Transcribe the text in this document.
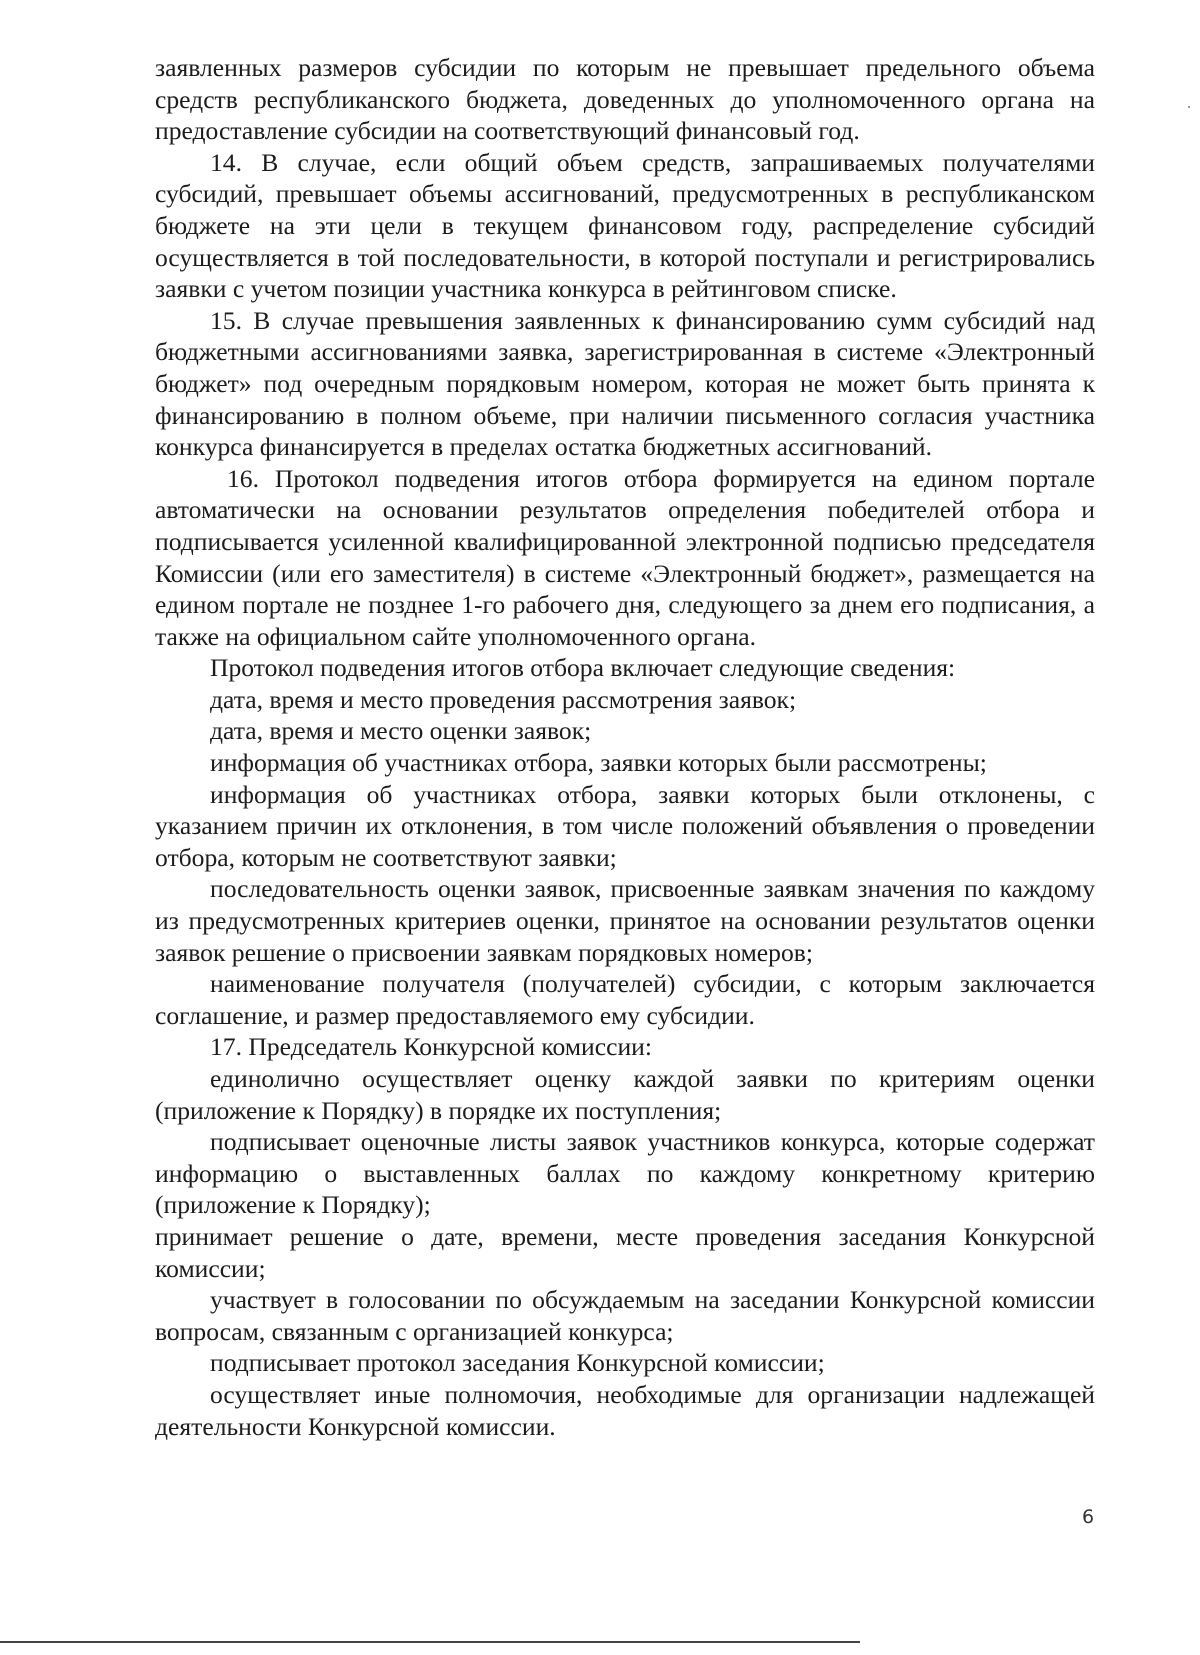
заявленных размеров субсидии по которым не превышает предельного объема средств республиканского бюджета, доведенных до уполномоченного органа на предоставление субсидии на соответствующий финансовый год.

14. В случае, если общий объем средств, запрашиваемых получателями субсидий, превышает объемы ассигнований, предусмотренных в республиканском бюджете на эти цели в текущем финансовом году, распределение субсидий осуществляется в той последовательности, в которой поступали и регистрировались заявки с учетом позиции участника конкурса в рейтинговом списке.

15. В случае превышения заявленных к финансированию сумм субсидий над бюджетными ассигнованиями заявка, зарегистрированная в системе «Электронный бюджет» под очередным порядковым номером, которая не может быть принята к финансированию в полном объеме, при наличии письменного согласия участника конкурса финансируется в пределах остатка бюджетных ассигнований.

16. Протокол подведения итогов отбора формируется на едином портале автоматически на основании результатов определения победителей отбора и подписывается усиленной квалифицированной электронной подписью председателя Комиссии (или его заместителя) в системе «Электронный бюджет», размещается на едином портале не позднее 1-го рабочего дня, следующего за днем его подписания, а также на официальном сайте уполномоченного органа.

Протокол подведения итогов отбора включает следующие сведения:

дата, время и место проведения рассмотрения заявок;

дата, время и место оценки заявок;

информация об участниках отбора, заявки которых были рассмотрены;

информация об участниках отбора, заявки которых были отклонены, с указанием причин их отклонения, в том числе положений объявления о проведении отбора, которым не соответствуют заявки;

последовательность оценки заявок, присвоенные заявкам значения по каждому из предусмотренных критериев оценки, принятое на основании результатов оценки заявок решение о присвоении заявкам порядковых номеров;

наименование получателя (получателей) субсидии, с которым заключается соглашение, и размер предоставляемого ему субсидии.

17. Председатель Конкурсной комиссии:

единолично осуществляет оценку каждой заявки по критериям оценки (приложение к Порядку) в порядке их поступления;

подписывает оценочные листы заявок участников конкурса, которые содержат информацию о выставленных баллах по каждому конкретному критерию (приложение к Порядку);

принимает решение о дате, времени, месте проведения заседания Конкурсной комиссии;

участвует в голосовании по обсуждаемым на заседании Конкурсной комиссии вопросам, связанным с организацией конкурса;

подписывает протокол заседания Конкурсной комиссии;

осуществляет иные полномочия, необходимые для организации надлежащей деятельности Конкурсной комиссии.

6
